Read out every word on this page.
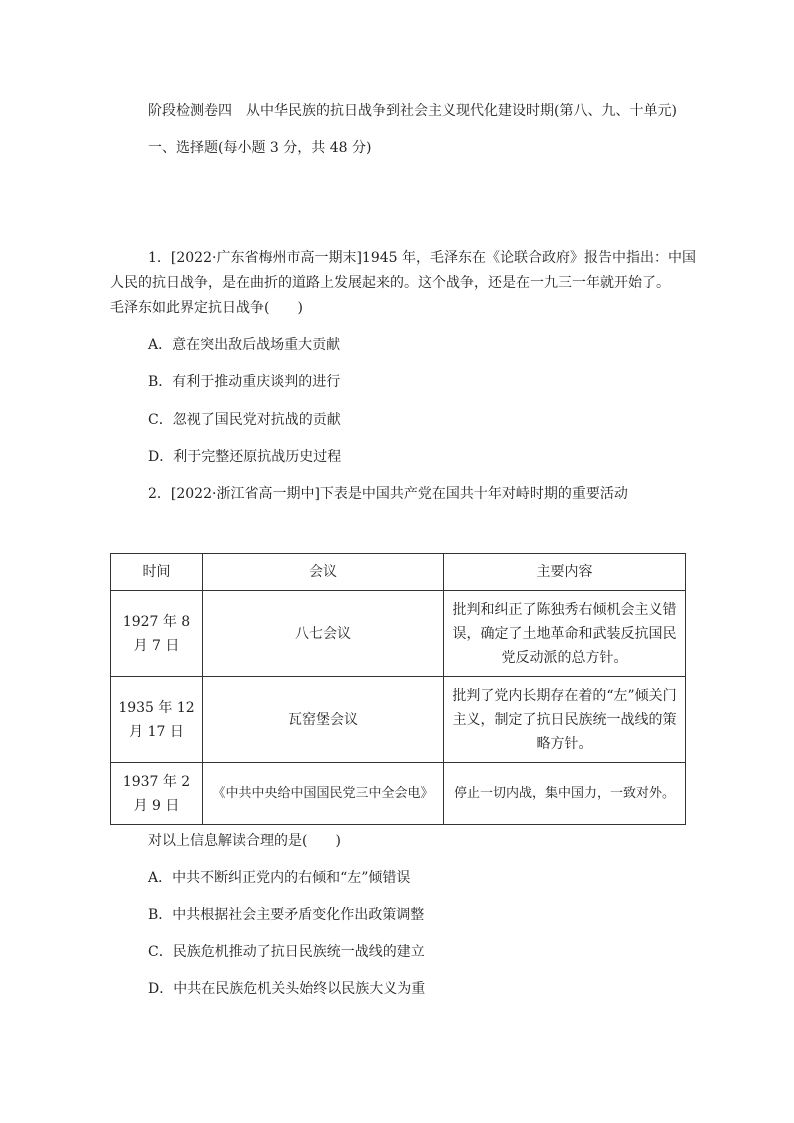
阶段检测卷四　从中华民族的抗日战争到社会主义现代化建设时期(第八、九、十单元)
一、选择题(每小题 3 分，共 48 分)
1．[2022·广东省梅州市高一期末]1945 年，毛泽东在《论联合政府》报告中指出：中国
人民的抗日战争，是在曲折的道路上发展起来的。这个战争，还是在一九三一年就开始了。
毛泽东如此界定抗日战争(　　)
A．意在突出敌后战场重大贡献
B．有利于推动重庆谈判的进行
C．忽视了国民党对抗战的贡献
D．利于完整还原抗战历史过程
2．[2022·浙江省高一期中]下表是中国共产党在国共十年对峙时期的重要活动
时间	会议	主要内容
1927 年 8 月 7 日	八七会议	批判和纠正了陈独秀右倾机会主义错误，确定了土地革命和武装反抗国民党反动派的总方针。
1935 年 12 月 17 日	瓦窑堡会议	批判了党内长期存在着的“左”倾关门主义，制定了抗日民族统一战线的策略方针。
1937 年 2 月 9 日	《中共中央给中国国民党三中全会电》	停止一切内战，集中国力，一致对外。
对以上信息解读合理的是(　　)
A．中共不断纠正党内的右倾和“左”倾错误
B．中共根据社会主要矛盾变化作出政策调整
C．民族危机推动了抗日民族统一战线的建立
D．中共在民族危机关头始终以民族大义为重
